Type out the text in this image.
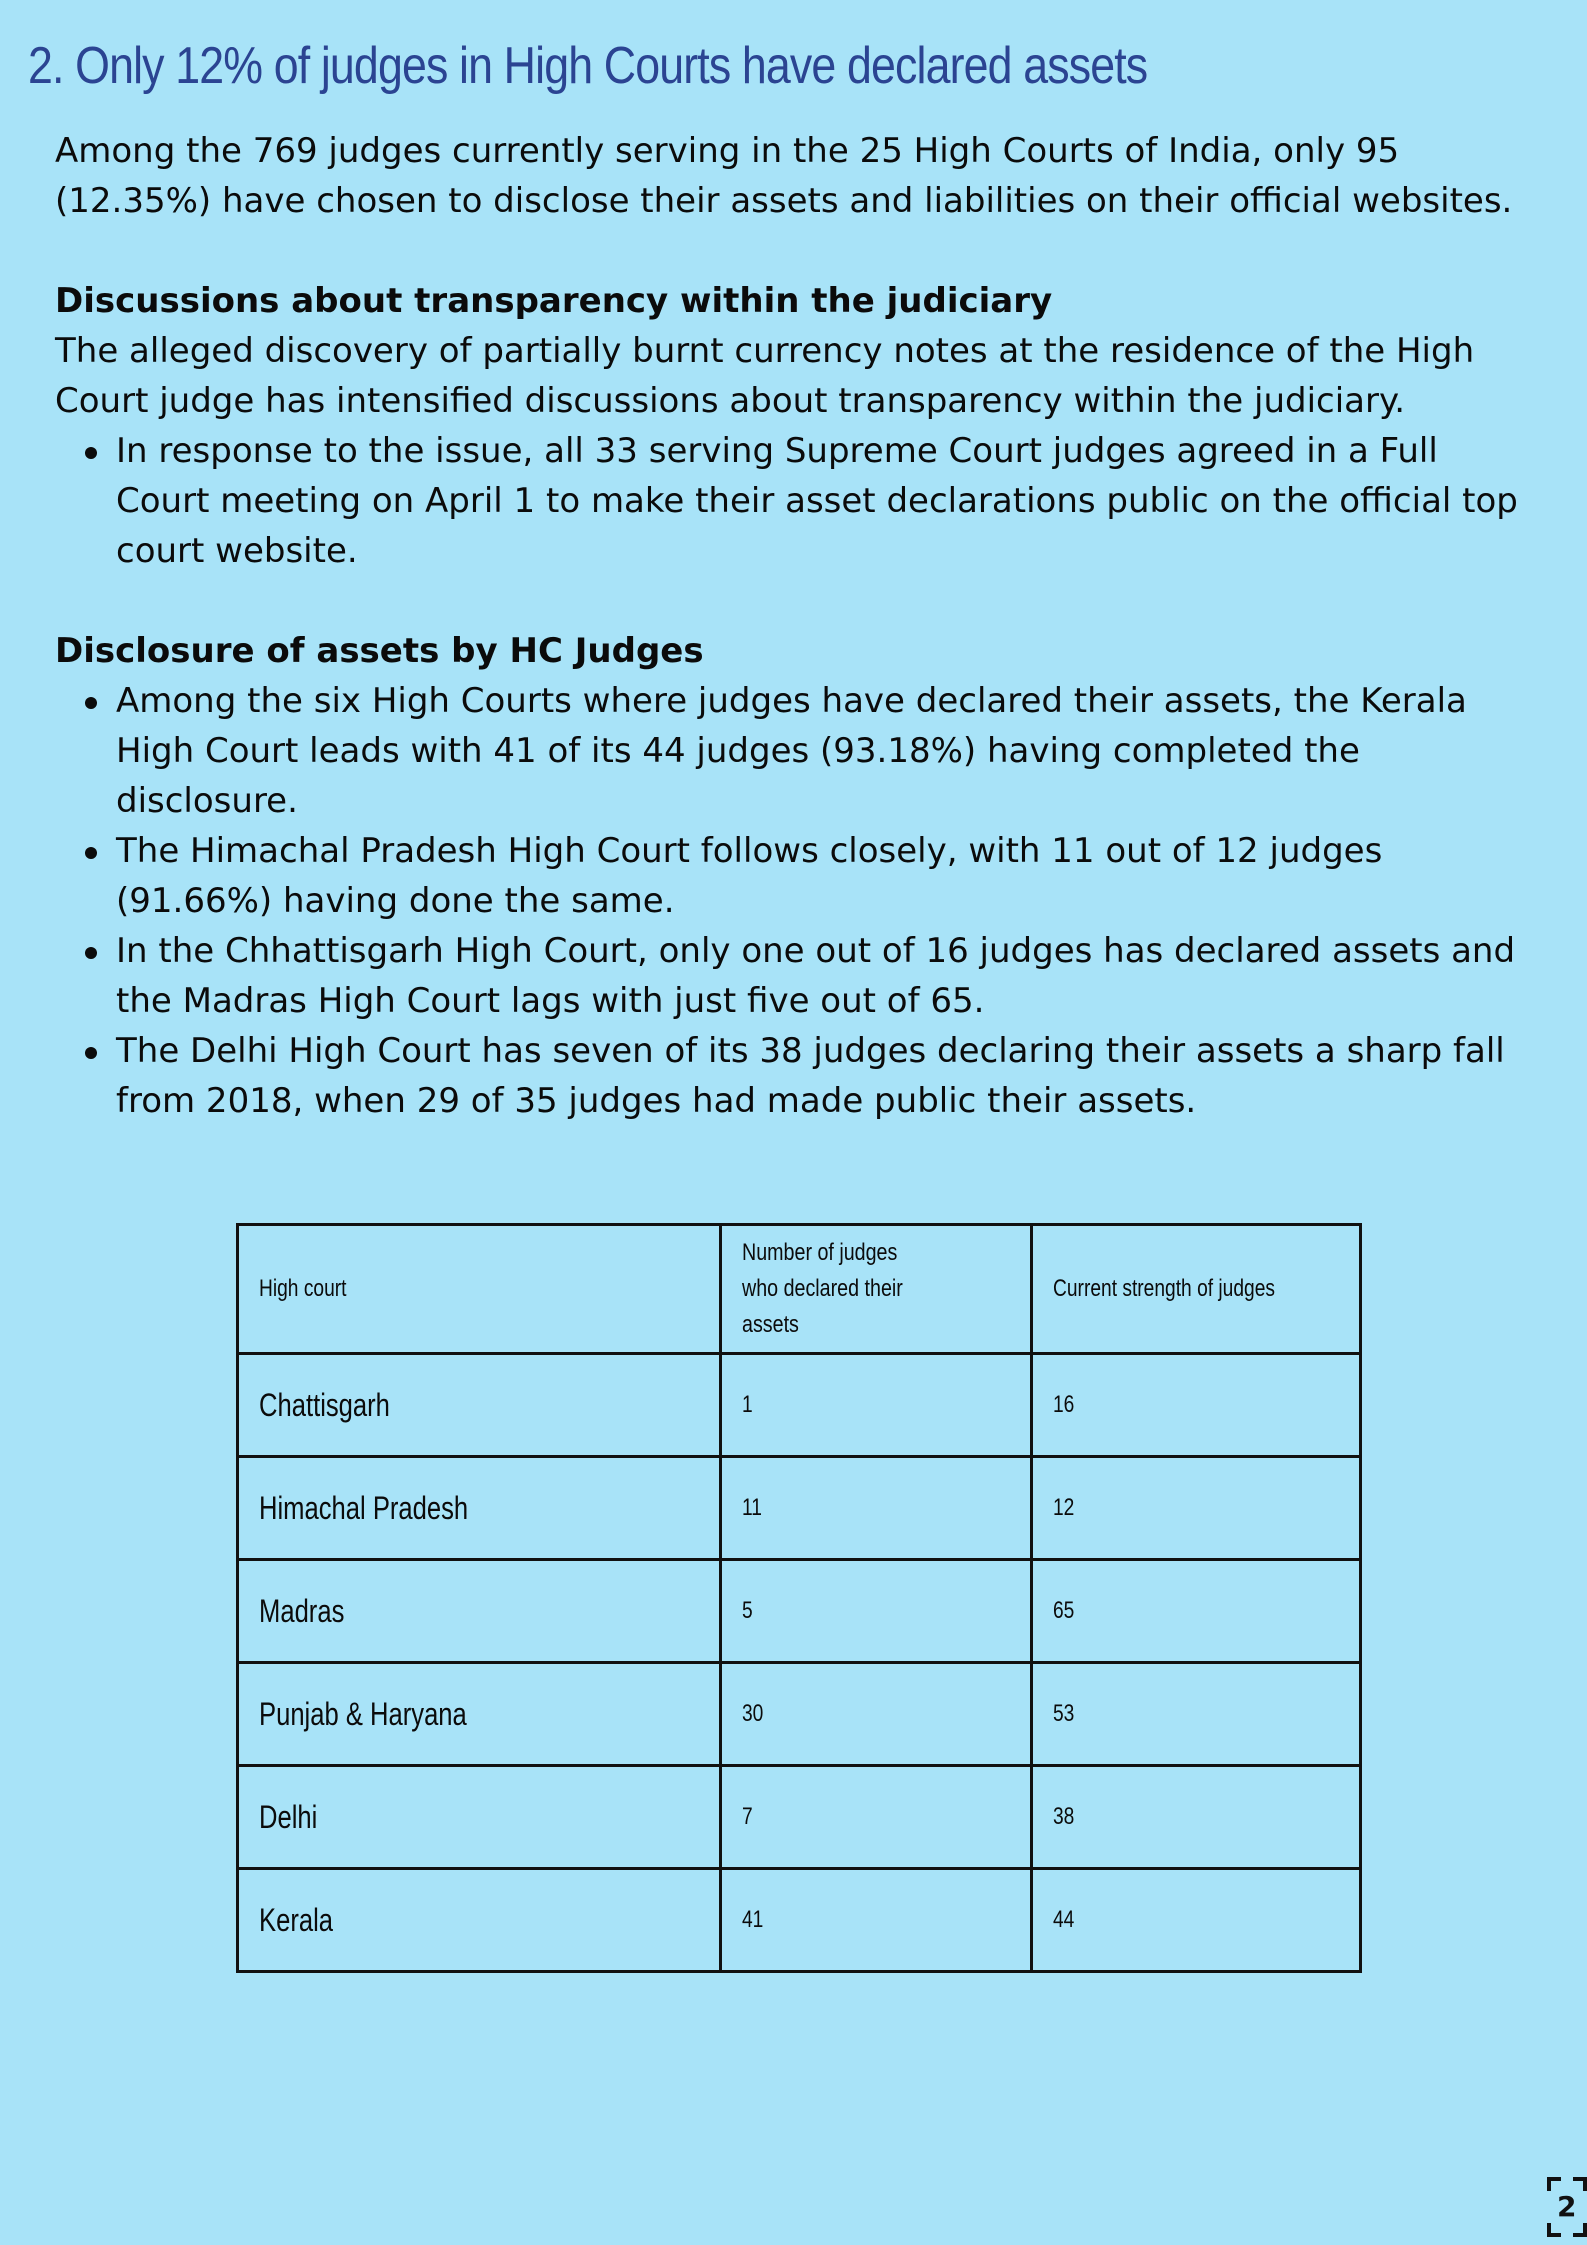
2. Only 12% of judges in High Courts have declared assets

Among the 769 judges currently serving in the 25 High Courts of India, only 95 (12.35%) have chosen to disclose their assets and liabilities on their official websites.

Discussions about transparency within the judiciary

The alleged discovery of partially burnt currency notes at the residence of the High Court judge has intensified discussions about transparency within the judiciary.

In response to the issue, all 33 serving Supreme Court judges agreed in a Full Court meeting on April 1 to make their asset declarations public on the official top court website.
Disclosure of assets by HC Judges
Among the six High Courts where judges have declared their assets, the Kerala High Court leads with 41 of its 44 judges (93.18%) having completed the disclosure.
The Himachal Pradesh High Court follows closely, with 11 out of 12 judges (91.66%) having done the same.
In the Chhattisgarh High Court, only one out of 16 judges has declared assets and the Madras High Court lags with just five out of 65.
The Delhi High Court has seven of its 38 judges declaring their assets a sharp fall from 2018, when 29 of 35 judges had made public their assets.
High court	Number of judges who declared their assets	Current strength of judges
Chattisgarh	1	16
Himachal Pradesh	11	12
Madras	5	65
Punjab & Haryana	30	53
Delhi	7	38
Kerala	41	44
2
